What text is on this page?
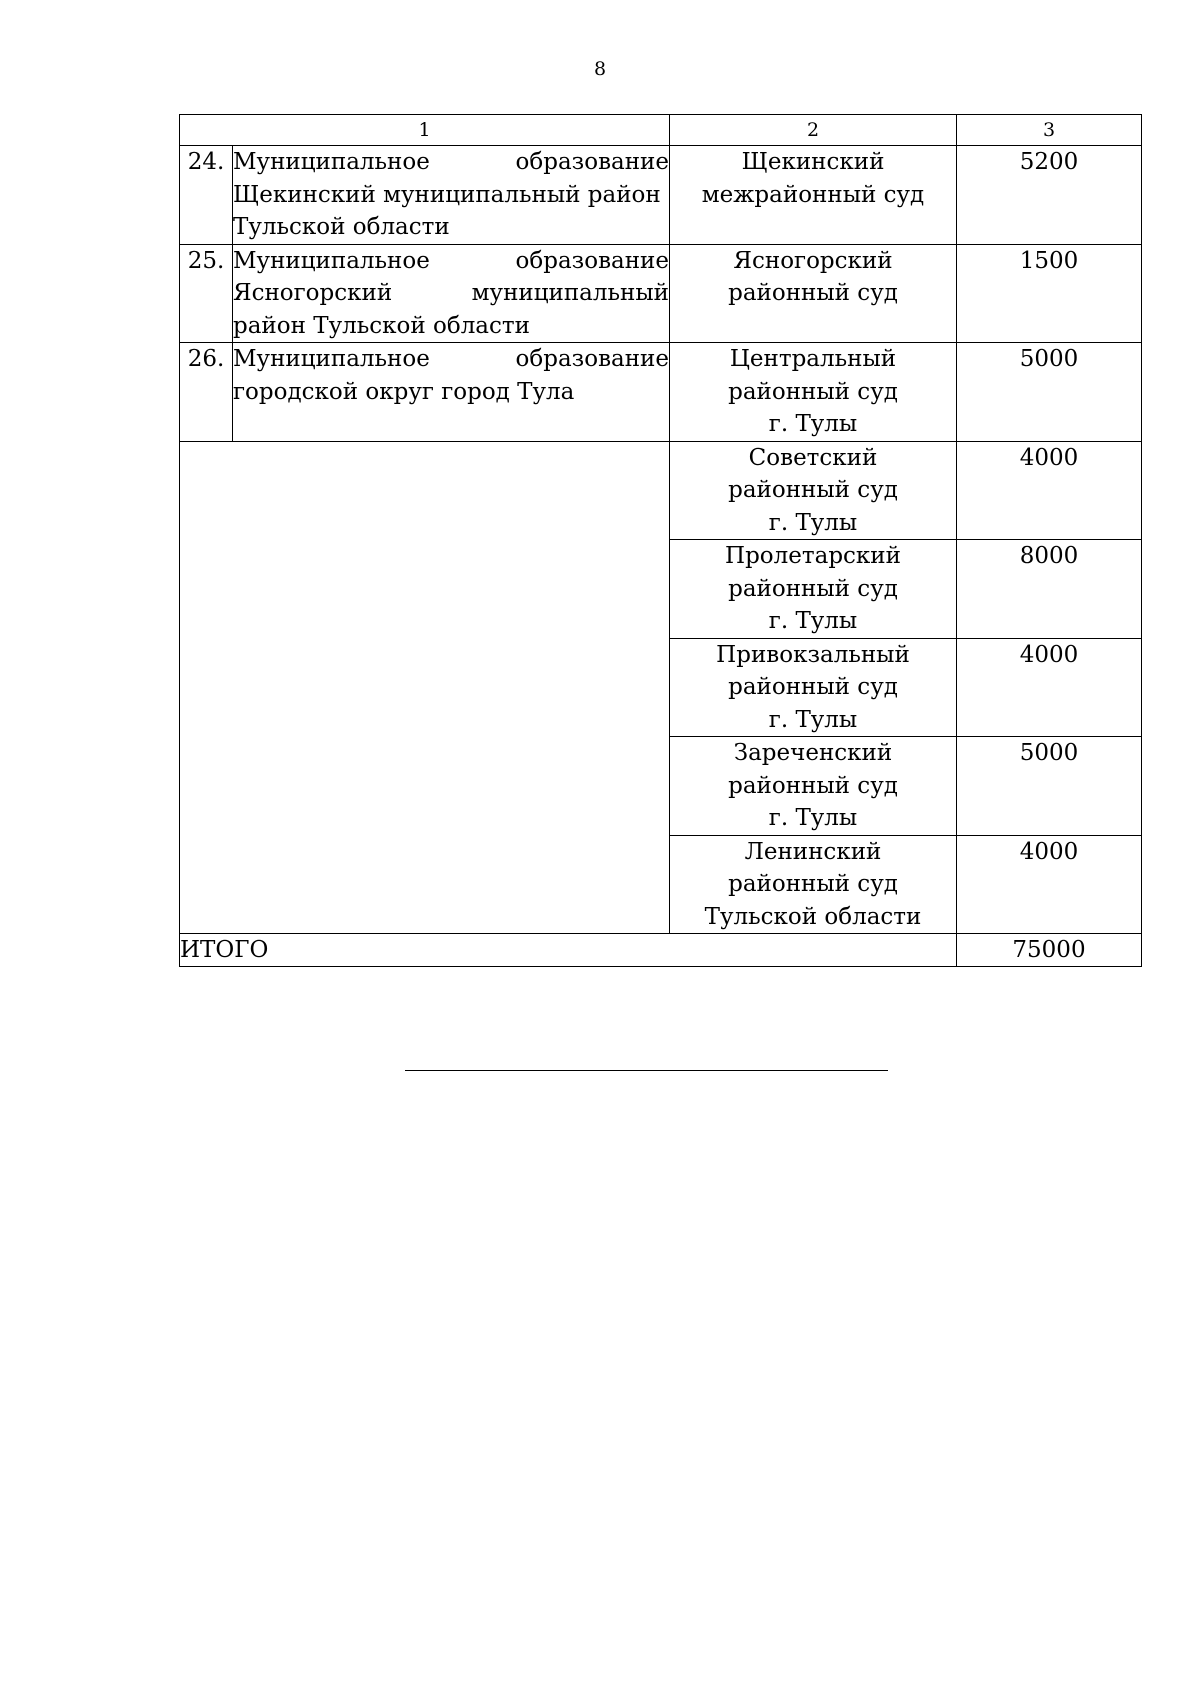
8
1		2	3
24.	Муниципальное образование
Щекинский муниципальный район
Тульской области	Щекинский
межрайонный суд	5200
25.	Муниципальное образование
Ясногорский муниципальный
район Тульской области	Ясногорский
районный суд	1500
26.	Муниципальное образование
городской округ город Тула	Центральный
районный суд
г. Тулы	5000

		Советский
районный суд
г. Тулы	4000

		Пролетарский
районный суд
г. Тулы	8000

		Привокзальный
районный суд
г. Тулы	4000

		Зареченский
районный суд
г. Тулы	5000

		Ленинский
районный суд
Тульской области	4000
ИТОГО			75000
